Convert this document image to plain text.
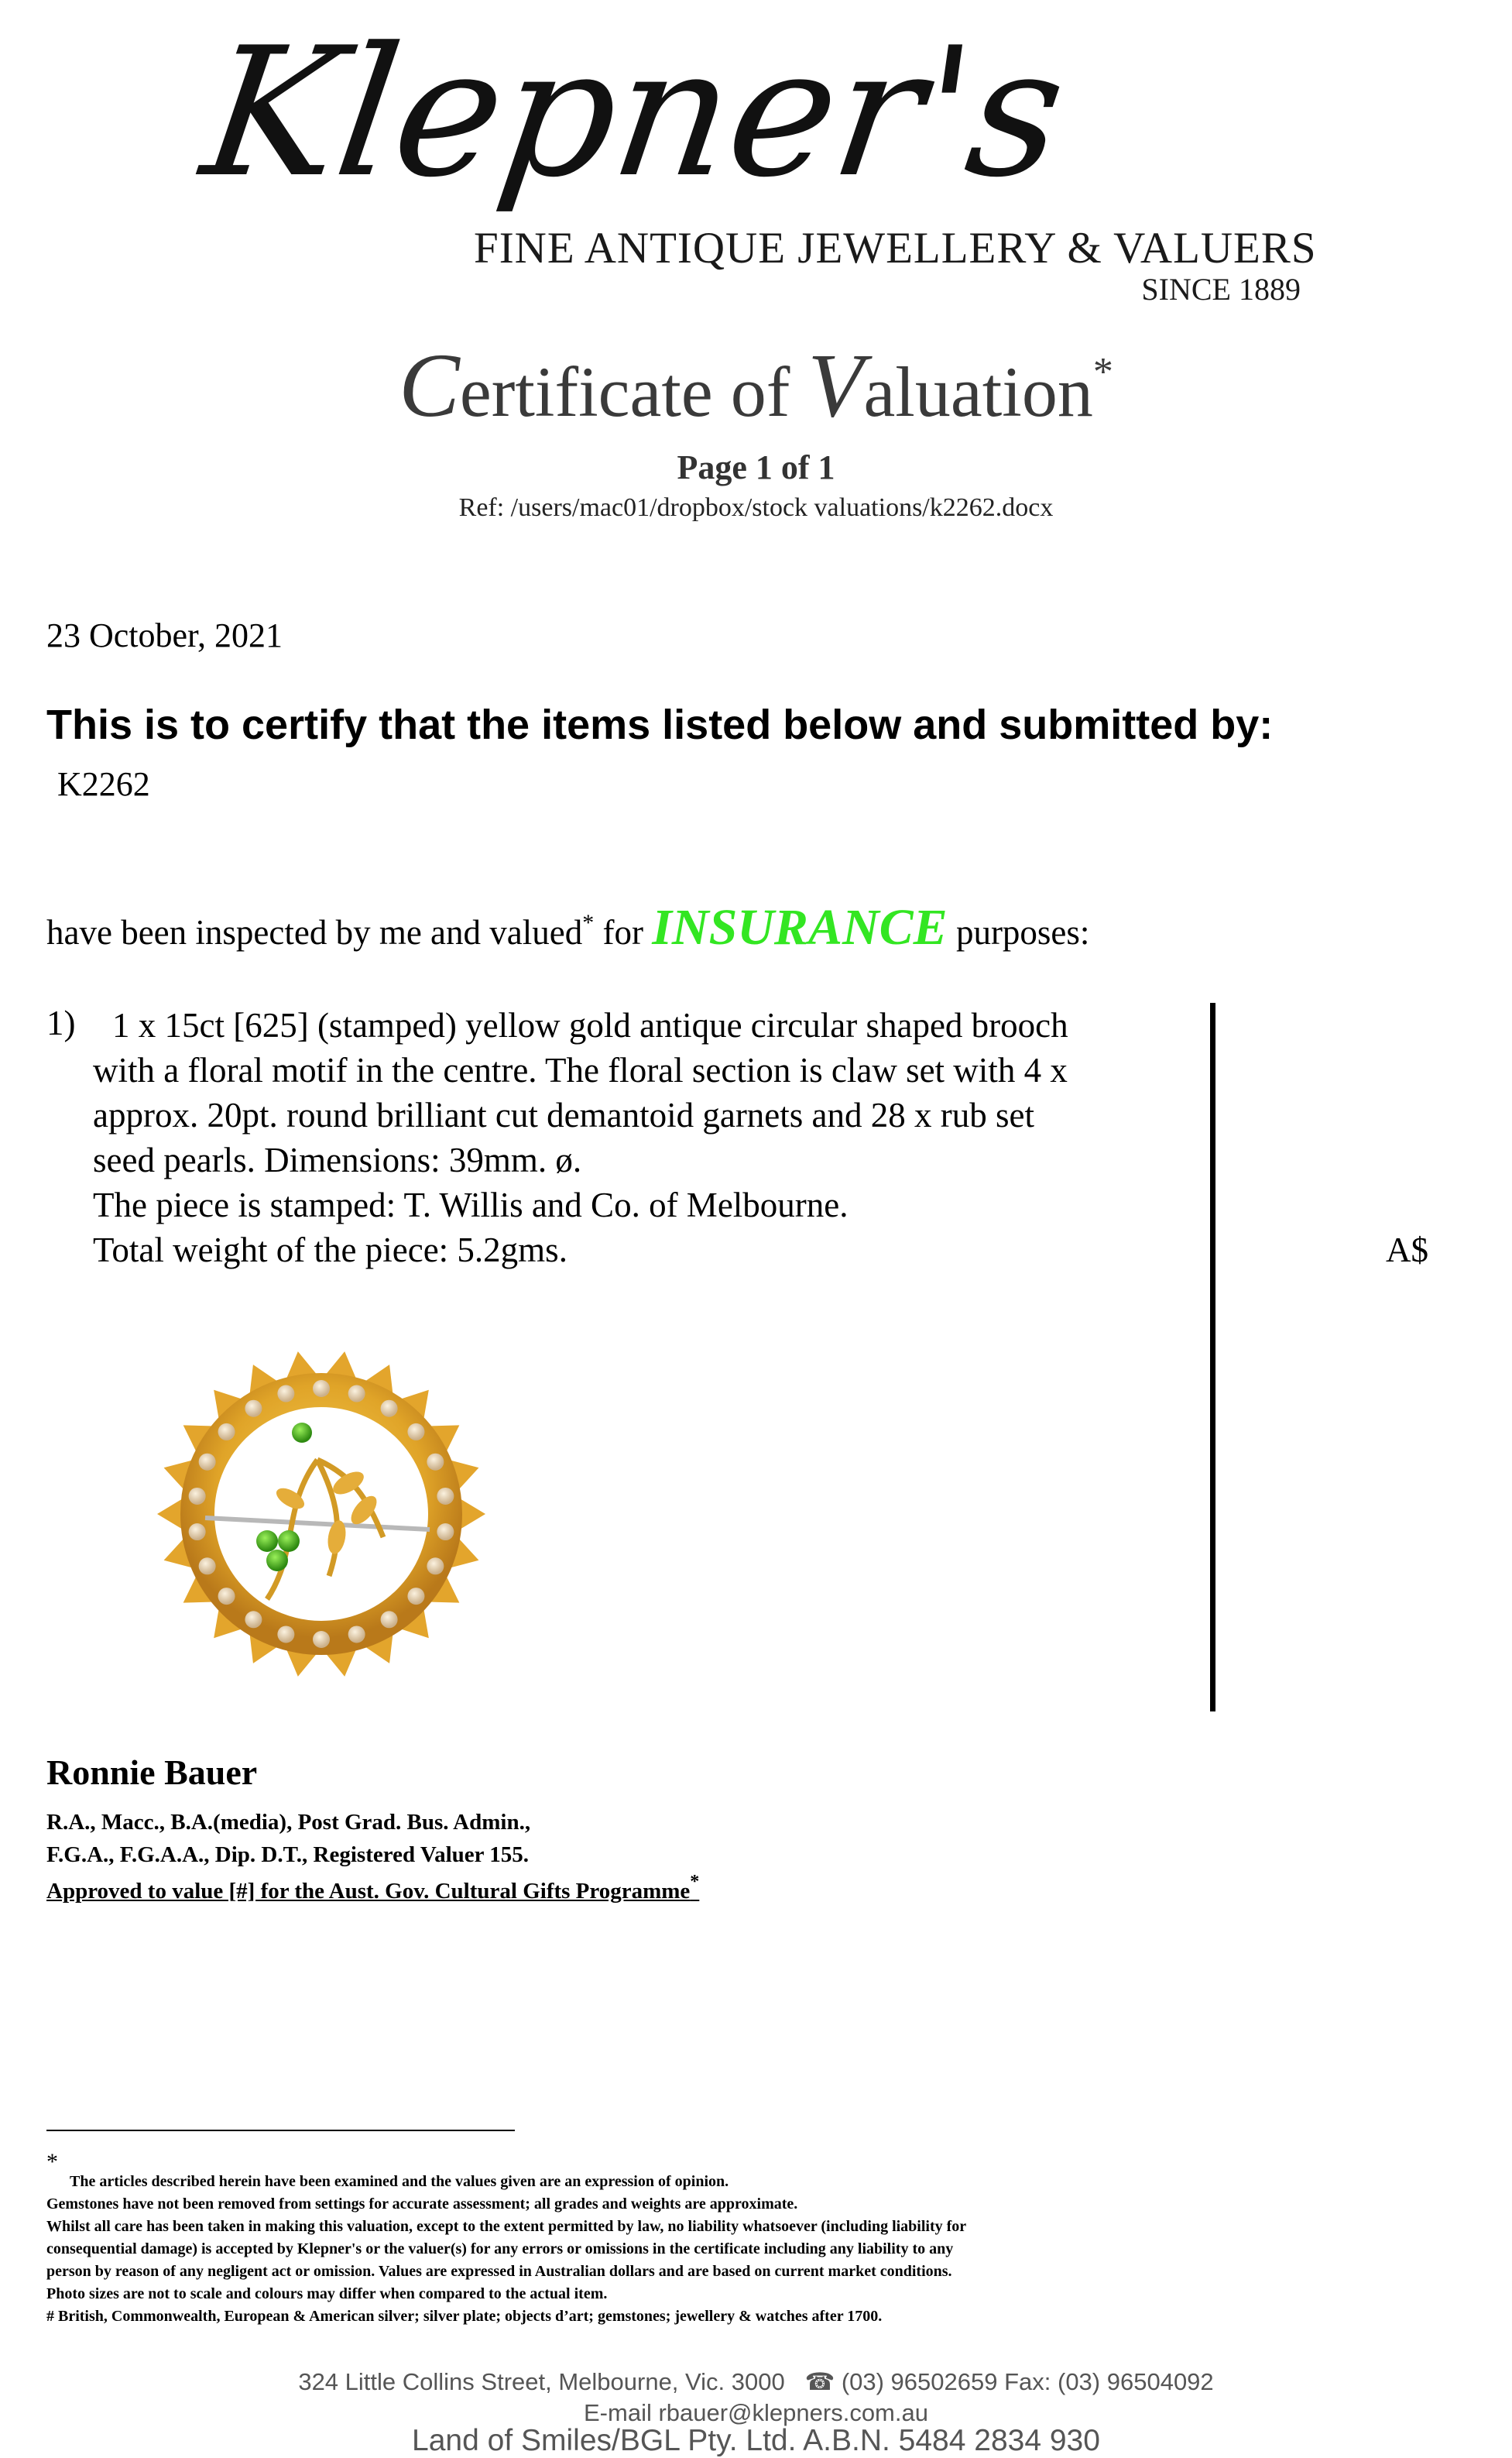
Klepner's
FINE ANTIQUE JEWELLERY & VALUERS
SINCE 1889
Certificate of Valuation*
Page 1 of 1
Ref: /users/mac01/dropbox/stock valuations/k2262.docx
23 October, 2021
This is to certify that the items listed below and submitted by:
K2262
have been inspected by me and valued* for INSURANCE purposes:
1)	1 x 15ct [625] (stamped) yellow gold antique circular shaped brooch
with a floral motif in the centre. The floral section is claw set with 4 x
approx. 20pt. round brilliant cut demantoid garnets and 28 x rub set
seed pearls. Dimensions: 39mm. ø.
The piece is stamped: T. Willis and Co. of Melbourne.
Total weight of the piece: 5.2gms.	A$
Ronnie Bauer
R.A., Macc., B.A.(media), Post Grad. Bus. Admin.,
F.G.A., F.G.A.A., Dip. D.T., Registered Valuer 155.
Approved to value [#] for the Aust. Gov. Cultural Gifts Programme*
*
The articles described herein have been examined and the values given are an expression of opinion.
Gemstones have not been removed from settings for accurate assessment; all grades and weights are approximate.
Whilst all care has been taken in making this valuation, except to the extent permitted by law, no liability whatsoever (including liability for
consequential damage) is accepted by Klepner's or the valuer(s) for any errors or omissions in the certificate including any liability to any
person by reason of any negligent act or omission. Values are expressed in Australian dollars and are based on current market conditions.
Photo sizes are not to scale and colours may differ when compared to the actual item.
# British, Commonwealth, European & American silver; silver plate; objects d’art; gemstones; jewellery & watches after 1700.
324 Little Collins Street, Melbourne, Vic. 3000 ☎ (03) 96502659 Fax: (03) 96504092
E-mail rbauer@klepners.com.au
Land of Smiles/BGL Pty. Ltd. A.B.N. 5484 2834 930
